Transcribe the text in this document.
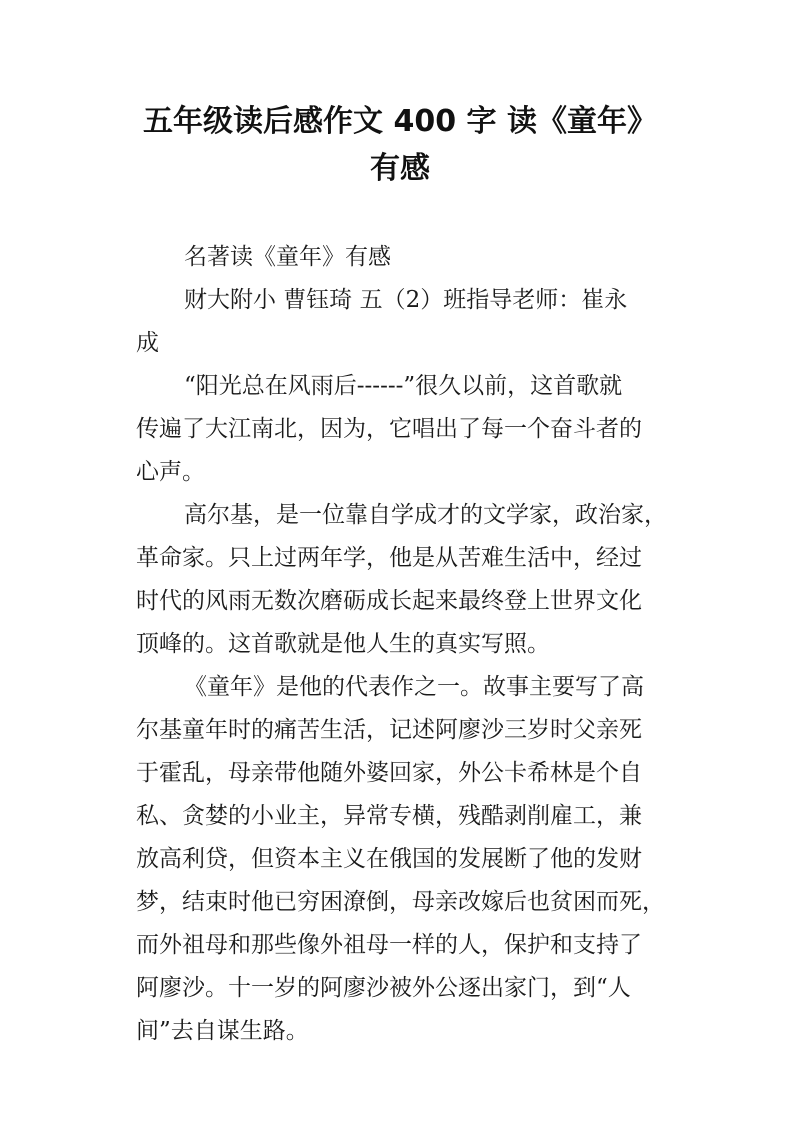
五年级读后感作文 400 字 读《童年》
有感
名著读《童年》有感
财大附小 曹钰琦 五（2）班指导老师：崔永
成
“阳光总在风雨后------”很久以前，这首歌就
传遍了大江南北，因为，它唱出了每一个奋斗者的
心声。
高尔基，是一位靠自学成才的文学家，政治家，
革命家。只上过两年学，他是从苦难生活中，经过
时代的风雨无数次磨砺成长起来最终登上世界文化
顶峰的。这首歌就是他人生的真实写照。
《童年》是他的代表作之一。故事主要写了高
尔基童年时的痛苦生活，记述阿廖沙三岁时父亲死
于霍乱，母亲带他随外婆回家，外公卡希林是个自
私、贪婪的小业主，异常专横，残酷剥削雇工，兼
放高利贷，但资本主义在俄国的发展断了他的发财
梦，结束时他已穷困潦倒，母亲改嫁后也贫困而死，
而外祖母和那些像外祖母一样的人，保护和支持了
阿廖沙。十一岁的阿廖沙被外公逐出家门，到“人
间”去自谋生路。
